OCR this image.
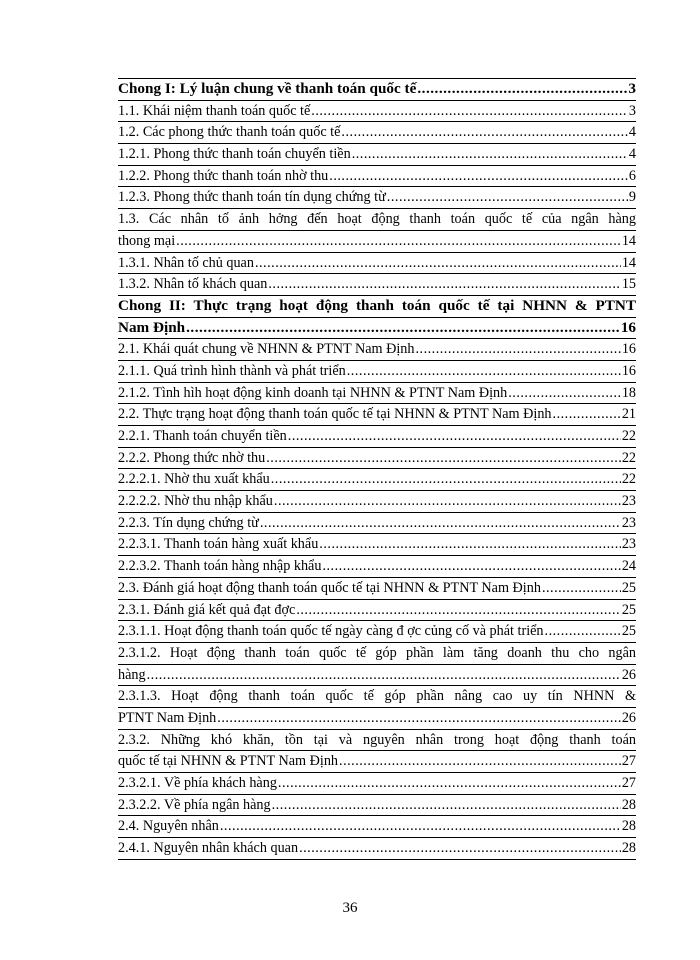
Chong I: Lý luận chung về thanh toán quốc tế .....	3
1.1. Khái niệm thanh toán quốc tế .....	3
1.2. Các phong thức thanh toán quốc tế .....	4
1.2.1. Phong thức thanh toán chuyển tiền .....	4
1.2.2. Phong thức thanh toán nhờ thu .....	6
1.2.3. Phong thức thanh toán tín dụng chứng từ .....	9
1.3. Các nhân tố ảnh hởng đến hoạt động thanh toán quốc tế của ngân hàng
thong mại .....	14
1.3.1. Nhân tố chủ quan .....	14
1.3.2. Nhân tố khách quan .....	15
Chong II: Thực trạng hoạt động thanh toán quốc tế tại NHNN & PTNT
Nam Định .....	16
2.1. Khái quát chung về NHNN & PTNT Nam Định .....	16
2.1.1. Quá trình hình thành và phát triển .....	16
2.1.2. Tình hìh hoạt động kinh doanh tại NHNN & PTNT Nam Định .....	18
2.2. Thực trạng hoạt động thanh toán quốc tế tại NHNN & PTNT Nam Định .....	21
2.2.1. Thanh toán chuyển tiền .....	22
2.2.2. Phong thức nhờ thu .....	22
2.2.2.1. Nhờ thu xuất khẩu .....	22
2.2.2.2. Nhờ thu nhập khẩu .....	23
2.2.3. Tín dụng chứng từ .....	23
2.2.3.1. Thanh toán hàng xuất khẩu .....	23
2.2.3.2. Thanh toán hàng nhập khẩu .....	24
2.3. Đánh giá hoạt động thanh toán quốc tế tại NHNN & PTNT Nam Định .....	25
2.3.1. Đánh giá kết quả đạt đợc .....	25
2.3.1.1. Hoạt động thanh toán quốc tế ngày càng đ ợc củng cố và phát triển .....	25
2.3.1.2. Hoạt động thanh toán quốc tế góp phần làm tăng doanh thu cho ngân
hàng .....	26
2.3.1.3. Hoạt động thanh toán quốc tế góp phần nâng cao uy tín NHNN &
PTNT Nam Định .....	26
2.3.2. Những khó khăn, tồn tại và nguyên nhân trong hoạt động thanh toán
quốc tế tại NHNN & PTNT Nam Định .....	27
2.3.2.1. Về phía khách hàng .....	27
2.3.2.2. Về phía ngân hàng .....	28
2.4. Nguyên nhân .....	28
2.4.1. Nguyên nhân khách quan .....	28
36
